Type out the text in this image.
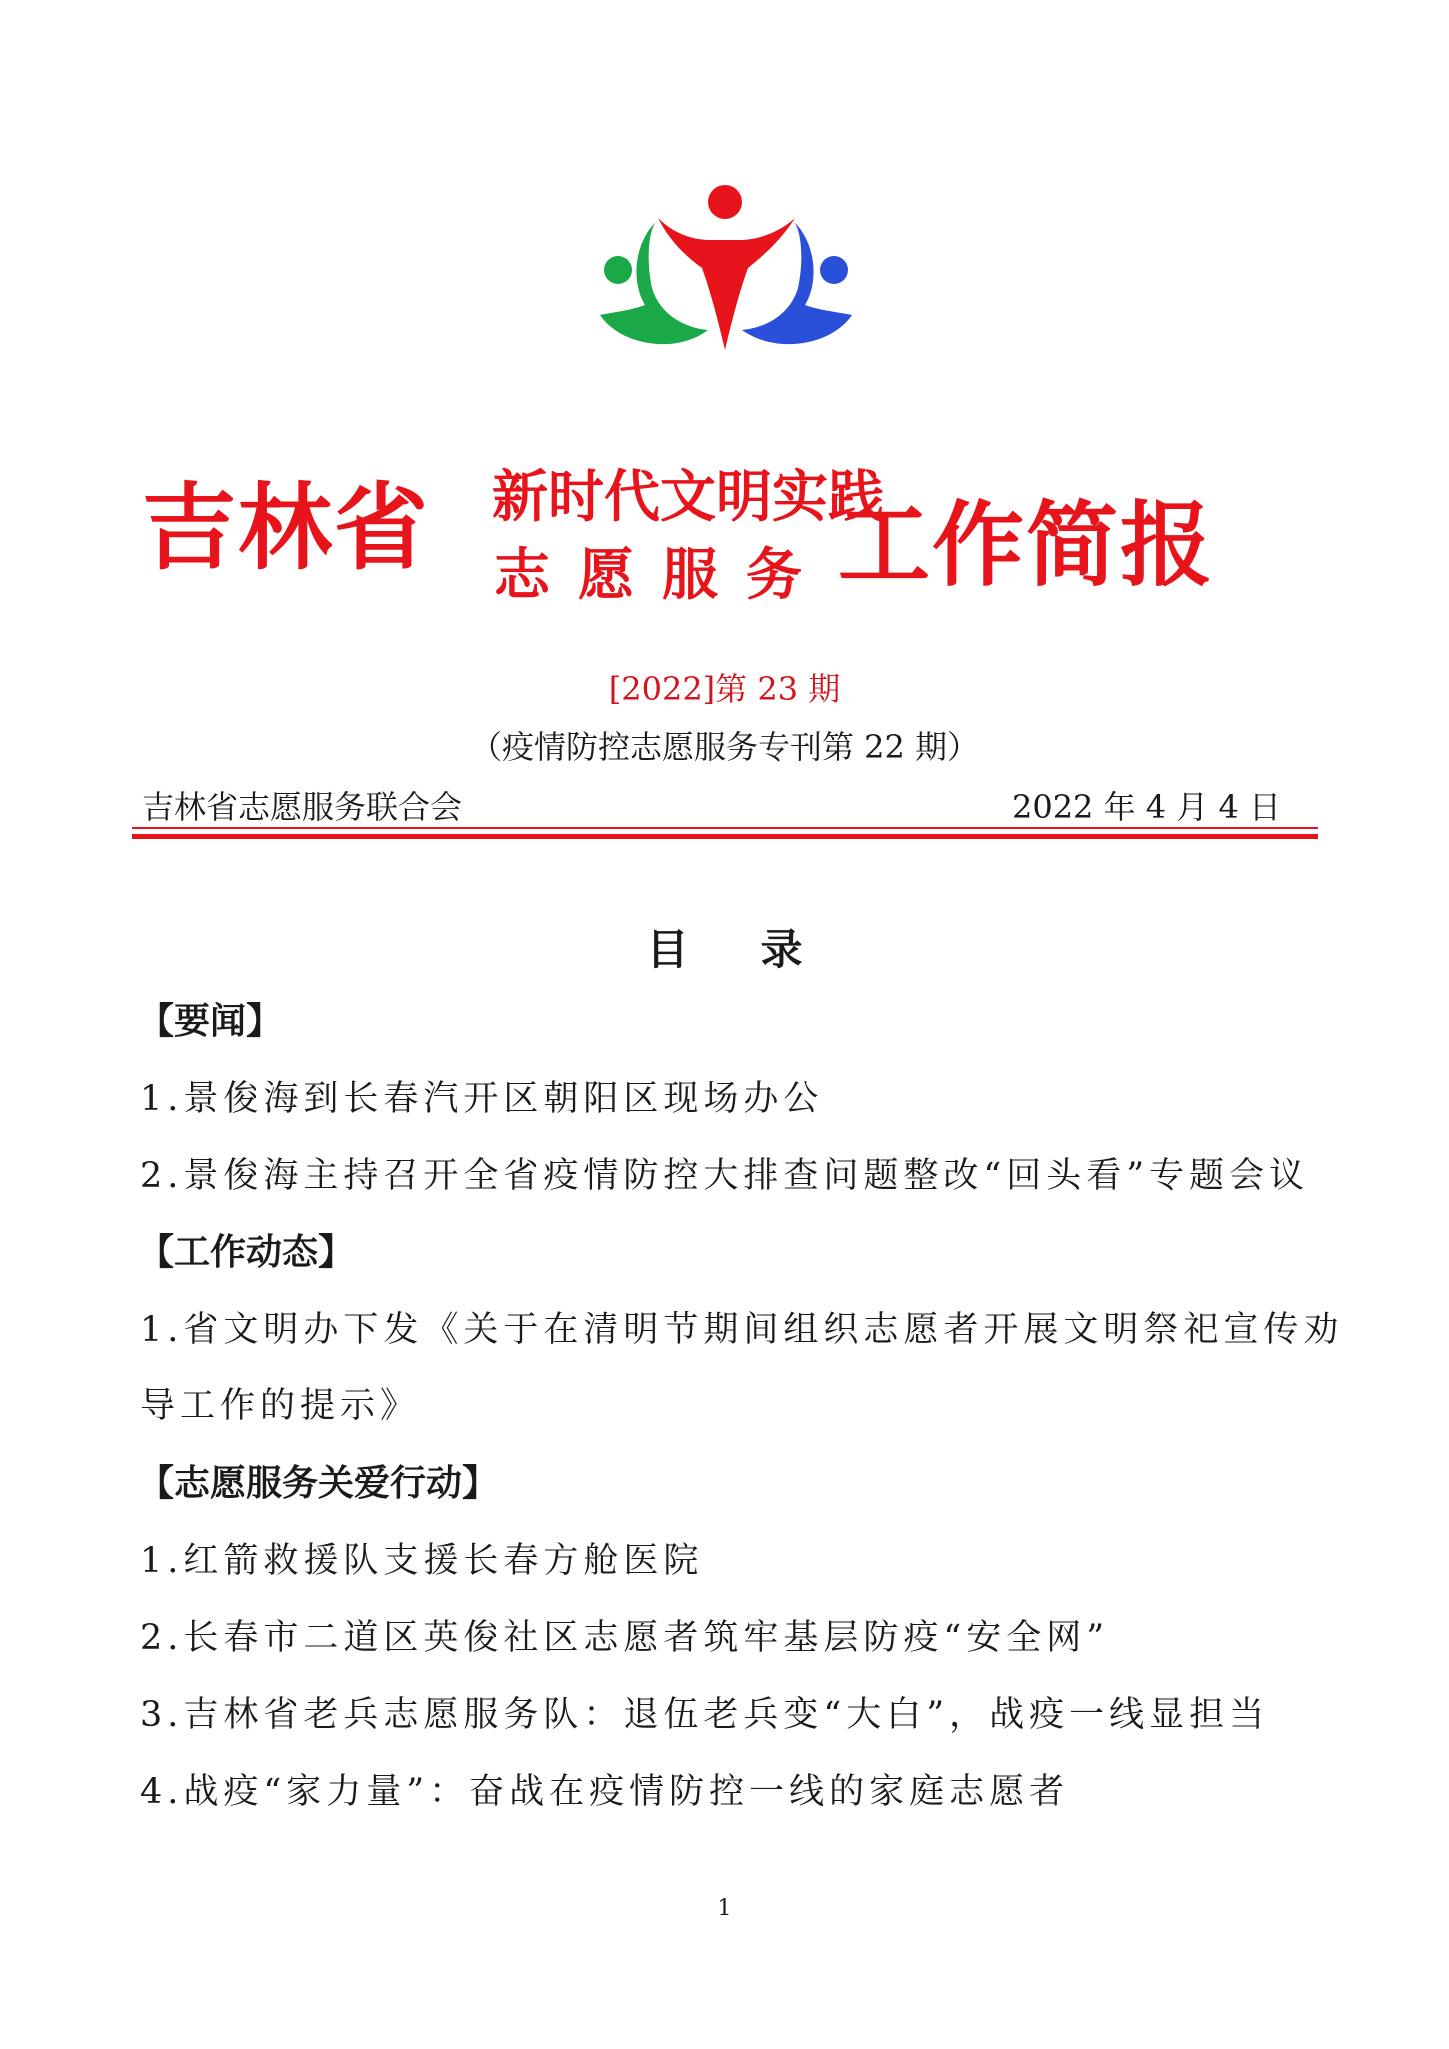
吉林省 新时代文明实践
志愿服务 工作简报
[2022]第 23 期
（疫情防控志愿服务专刊第 22 期）
吉林省志愿服务联合会	2022 年 4 月 4 日
目录
【要闻】
1.景俊海到长春汽开区朝阳区现场办公
2.景俊海主持召开全省疫情防控大排查问题整改“回头看”专题会议
【工作动态】
1.省文明办下发《关于在清明节期间组织志愿者开展文明祭祀宣传劝
导工作的提示》
【志愿服务关爱行动】
1.红箭救援队支援长春方舱医院
2.长春市二道区英俊社区志愿者筑牢基层防疫“安全网”
3.吉林省老兵志愿服务队：退伍老兵变“大白”，战疫一线显担当
4.战疫“家力量”：奋战在疫情防控一线的家庭志愿者
1
